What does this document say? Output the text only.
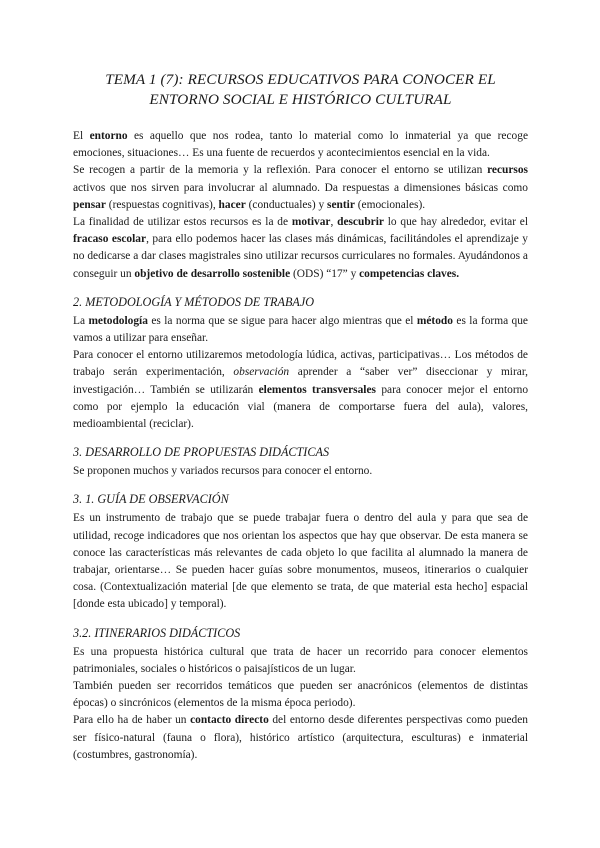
TEMA 1 (7): RECURSOS EDUCATIVOS PARA CONOCER EL
ENTORNO SOCIAL E HISTÓRICO CULTURAL

El entorno es aquello que nos rodea, tanto lo material como lo inmaterial ya que recoge emociones, situaciones… Es una fuente de recuerdos y acontecimientos esencial en la vida.

Se recogen a partir de la memoria y la reflexión. Para conocer el entorno se utilizan recursos activos que nos sirven para involucrar al alumnado. Da respuestas a dimensiones básicas como pensar (respuestas cognitivas), hacer (conductuales) y sentir (emocionales).

La finalidad de utilizar estos recursos es la de motivar, descubrir lo que hay alrededor, evitar el fracaso escolar, para ello podemos hacer las clases más dinámicas, facilitándoles el aprendizaje y no dedicarse a dar clases magistrales sino utilizar recursos curriculares no formales. Ayudándonos a conseguir un objetivo de desarrollo sostenible (ODS) “17” y competencias claves.

2. METODOLOGÍA Y MÉTODOS DE TRABAJO

La metodología es la norma que se sigue para hacer algo mientras que el método es la forma que vamos a utilizar para enseñar.

Para conocer el entorno utilizaremos metodología lúdica, activas, participativas… Los métodos de trabajo serán experimentación, observación aprender a “saber ver” diseccionar y mirar, investigación… También se utilizarán elementos transversales para conocer mejor el entorno como por ejemplo la educación vial (manera de comportarse fuera del aula), valores, medioambiental (reciclar).

3. DESARROLLO DE PROPUESTAS DIDÁCTICAS

Se proponen muchos y variados recursos para conocer el entorno.

3. 1. GUÍA DE OBSERVACIÓN

Es un instrumento de trabajo que se puede trabajar fuera o dentro del aula y para que sea de utilidad, recoge indicadores que nos orientan los aspectos que hay que observar. De esta manera se conoce las características más relevantes de cada objeto lo que facilita al alumnado la manera de trabajar, orientarse… Se pueden hacer guías sobre monumentos, museos, itinerarios o cualquier cosa. (Contextualización material [de que elemento se trata, de que material esta hecho] espacial [donde esta ubicado] y temporal).

3.2. ITINERARIOS DIDÁCTICOS

Es una propuesta histórica cultural que trata de hacer un recorrido para conocer elementos patrimoniales, sociales o históricos o paisajísticos de un lugar.

También pueden ser recorridos temáticos que pueden ser anacrónicos (elementos de distintas épocas) o sincrónicos (elementos de la misma época periodo).

Para ello ha de haber un contacto directo del entorno desde diferentes perspectivas como pueden ser físico-natural (fauna o flora), histórico artístico (arquitectura, esculturas) e inmaterial (costumbres, gastronomía).
